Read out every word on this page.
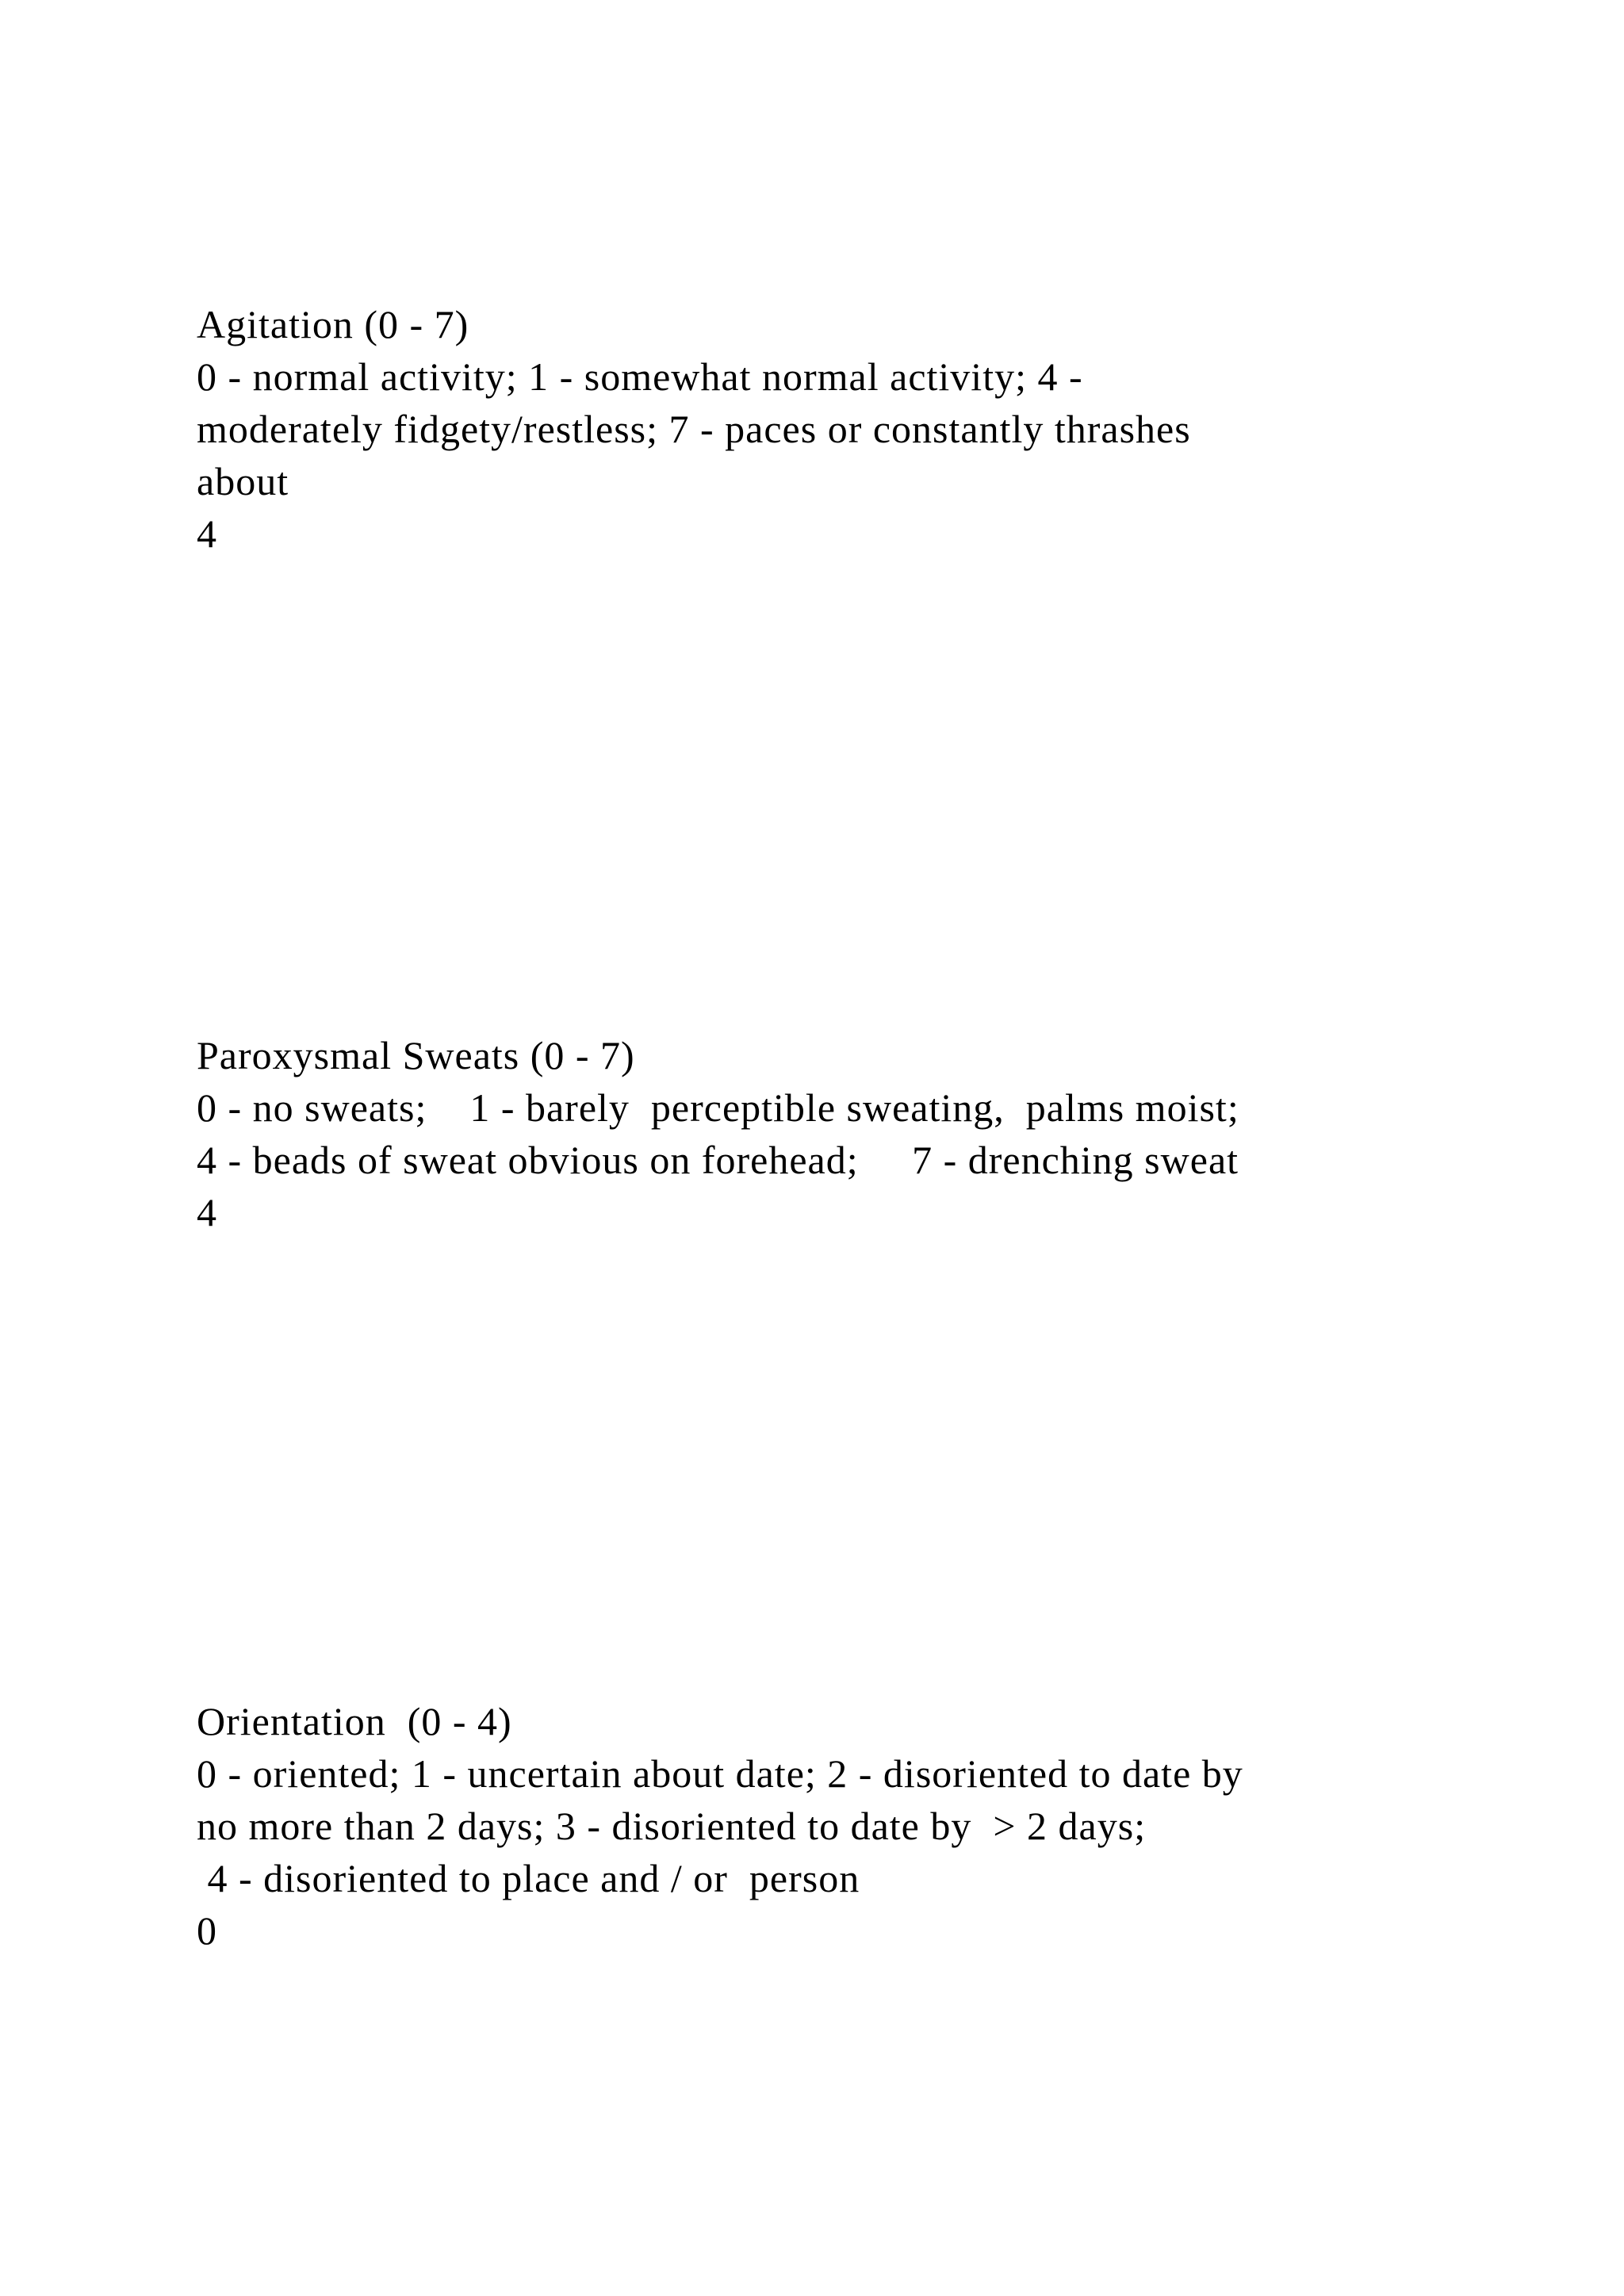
Agitation (0 - 7)
0 - normal activity; 1 - somewhat normal activity; 4 -
moderately fidgety/restless; 7 - paces or constantly thrashes
about
4
Paroxysmal Sweats (0 - 7)
0 - no sweats;    1 - barely  perceptible sweating,  palms moist;
4 - beads of sweat obvious on forehead;     7 - drenching sweat
4
Orientation  (0 - 4)
0 - oriented; 1 - uncertain about date; 2 - disoriented to date by
no more than 2 days; 3 - disoriented to date by  > 2 days;
4 - disoriented to place and / or  person
0
